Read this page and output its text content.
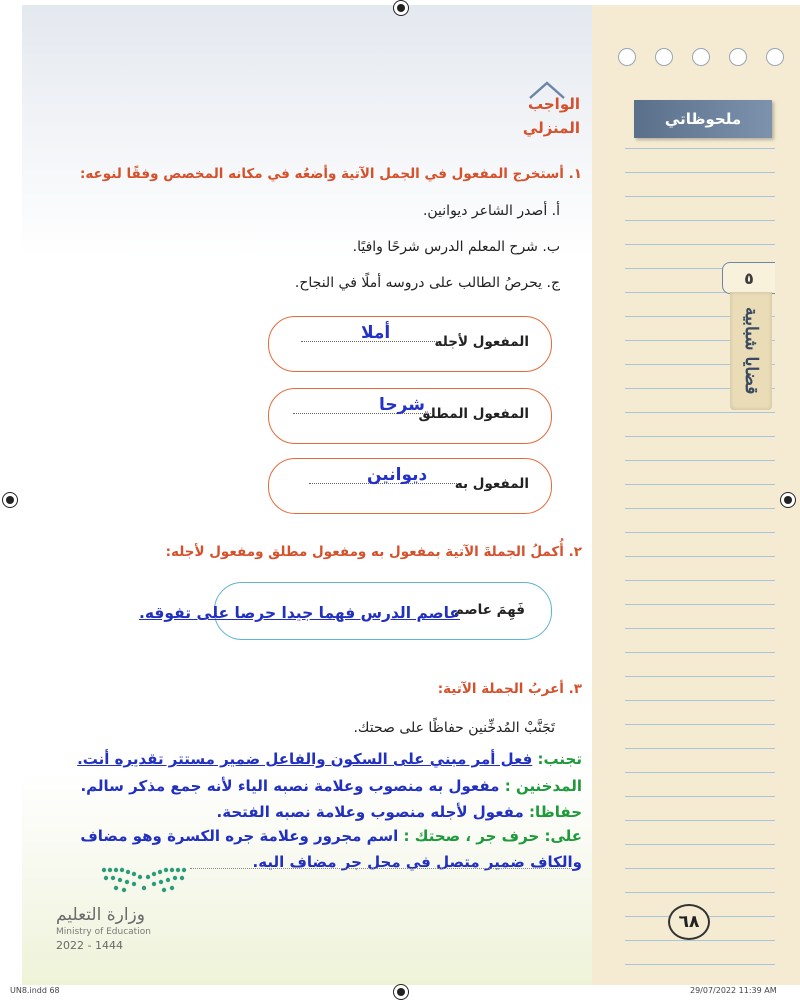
ملحوظاتي
٥
قضايا شبابية
الواجب
المنزلي
١. أستخرج المفعول في الجمل الآتية وأضعُه في مكانه المخصص وفقًا لنوعه:
أ. أصدر الشاعر ديوانين.
ب. شرح المعلم الدرس شرحًا وافيًا.
ج. يحرصُ الطالب على دروسه أملًا في النجاح.
المفعول لأجله
أملا
المفعول المطلق
شرحا
المفعول به
ديوانين
٢. أُكملُ الجملةَ الآتية بمفعول به ومفعول مطلق ومفعول لأجله:
فَهِمَ عاصم
عاصم الدرس فهما جيدا حرصا على تفوقه.
٣. أعربُ الجملة الآتية:
تَجَنَّبْ المُدخِّنين حفاظًا على صحتك.
تجنب: فعل أمر مبني على السكون والفاعل ضمير مستتر تقديره أنت.
المدخنين : مفعول به منصوب وعلامة نصبه الياء لأنه جمع مذكر سالم.
حفاظا: مفعول لأجله منصوب وعلامة نصبه الفتحة.
على: حرف جر ، صحتك : اسم مجرور وعلامة جره الكسرة وهو مضاف
والكاف ضمير متصل في محل جر مضاف اليه.
وزارة التعليم
Ministry of Education
2022 - 1444
٦٨
UN8.indd 68	29/07/2022 11:39 AM
